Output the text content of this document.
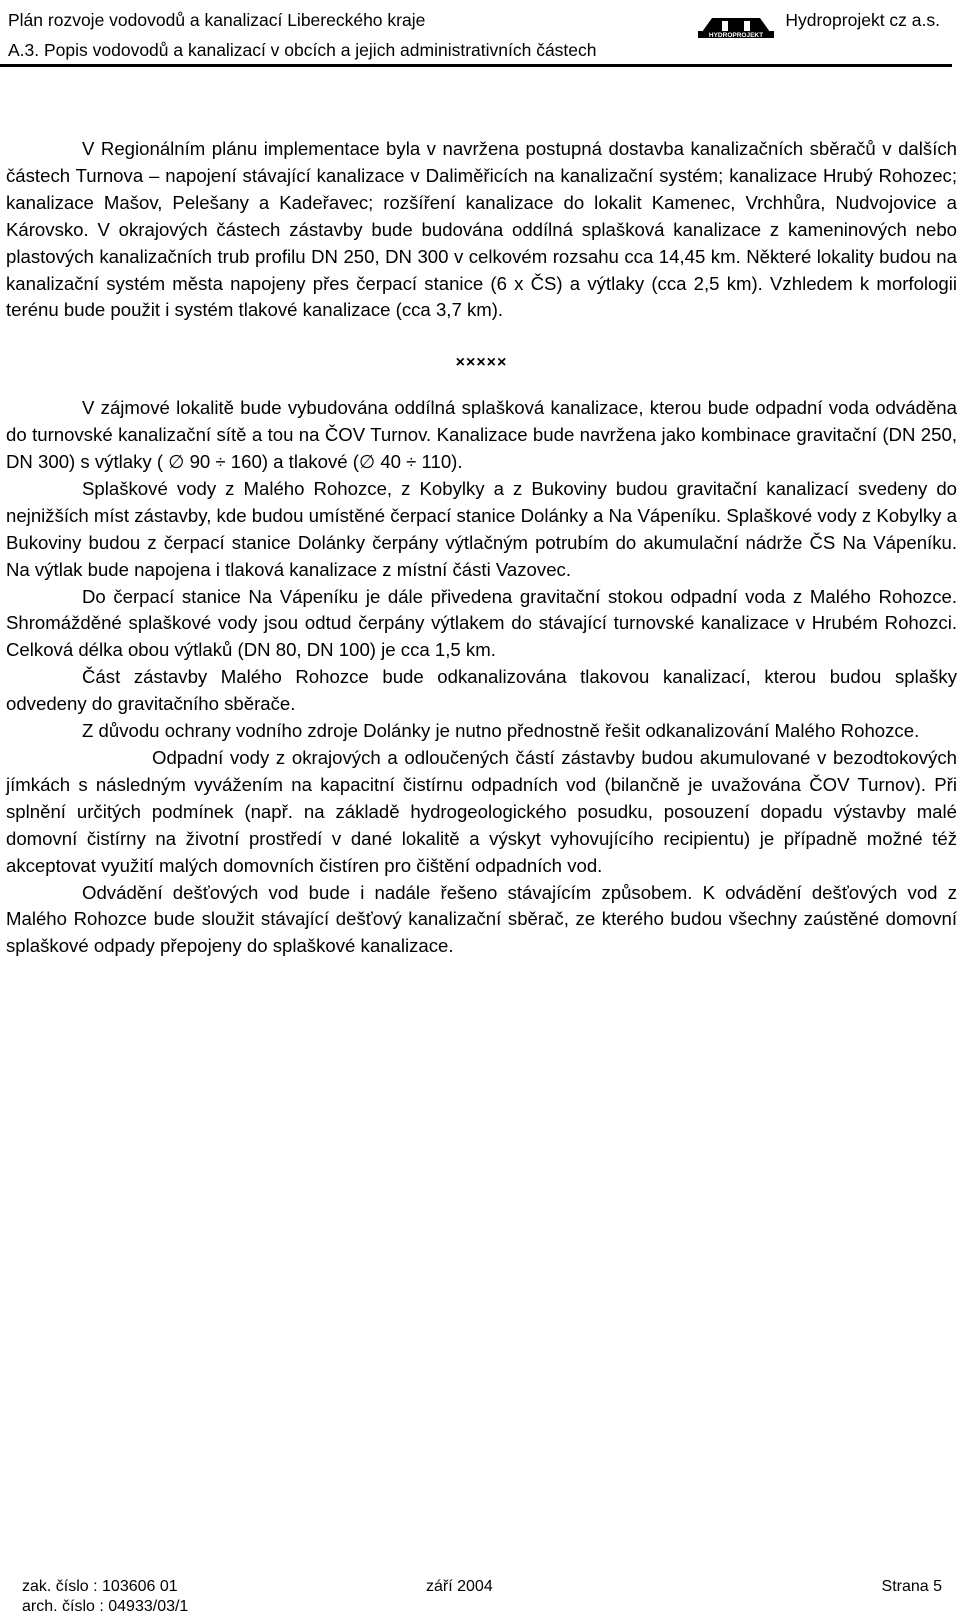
Plán rozvoje vodovodů a kanalizací Libereckého kraje
HYDROPROJEKT
Hydroprojekt cz a.s.
A.3. Popis vodovodů a kanalizací v obcích a jejich administrativních částech

V Regionálním plánu implementace byla v navržena postupná dostavba kanalizačních sběračů v dalších částech Turnova – napojení stávající kanalizace v Daliměřicích na kanalizační systém; kanalizace Hrubý Rohozec; kanalizace Mašov, Pelešany a Kadeřavec; rozšíření kanalizace do lokalit Kamenec, Vrchhůra, Nudvojovice a Károvsko. V okrajových částech zástavby bude budována oddílná splašková kanalizace z kameninových nebo plastových kanalizačních trub profilu DN 250, DN 300 v celkovém rozsahu cca 14,45 km. Některé lokality budou na kanalizační systém města napojeny přes čerpací stanice (6 x ČS) a výtlaky (cca 2,5 km). Vzhledem k morfologii terénu bude použit i systém tlakové kanalizace (cca 3,7 km).

×××××

V zájmové lokalitě bude vybudována oddílná splašková kanalizace, kterou bude odpadní voda odváděna do turnovské kanalizační sítě a tou na ČOV Turnov. Kanalizace bude navržena jako kombinace gravitační (DN 250, DN 300) s výtlaky ( ∅ 90 ÷ 160) a tlakové (∅ 40 ÷ 110).

Splaškové vody z Malého Rohozce, z Kobylky a z Bukoviny budou gravitační kanalizací svedeny do nejnižších míst zástavby, kde budou umístěné čerpací stanice Dolánky a Na Vápeníku. Splaškové vody z Kobylky a Bukoviny budou z čerpací stanice Dolánky čerpány výtlačným potrubím do akumulační nádrže ČS Na Vápeníku. Na výtlak bude napojena i tlaková kanalizace z místní části Vazovec.

Do čerpací stanice Na Vápeníku je dále přivedena gravitační stokou odpadní voda z Malého Rohozce. Shromážděné splaškové vody jsou odtud čerpány výtlakem do stávající turnovské kanalizace v Hrubém Rohozci. Celková délka obou výtlaků (DN 80, DN 100) je cca 1,5 km.

Část zástavby Malého Rohozce bude odkanalizována tlakovou kanalizací, kterou budou splašky odvedeny do gravitačního sběrače.

Z důvodu ochrany vodního zdroje Dolánky je nutno přednostně řešit odkanalizování Malého Rohozce.

Odpadní vody z okrajových a odloučených částí zástavby budou akumulované v bezodtokových jímkách s následným vyvážením na kapacitní čistírnu odpadních vod (bilančně je uvažována ČOV Turnov). Při splnění určitých podmínek (např. na základě hydrogeologického posudku, posouzení dopadu výstavby malé domovní čistírny na životní prostředí v dané lokalitě a výskyt vyhovujícího recipientu) je případně možné též akceptovat využití malých domovních čistíren pro čištění odpadních vod.

Odvádění dešťových vod bude i nadále řešeno stávajícím způsobem. K odvádění dešťových vod z Malého Rohozce bude sloužit stávající dešťový kanalizační sběrač, ze kterého budou všechny zaústěné domovní splaškové odpady přepojeny do splaškové kanalizace.

zak. číslo : 103606 01
arch. číslo : 04933/03/1
září 2004	Strana 5
